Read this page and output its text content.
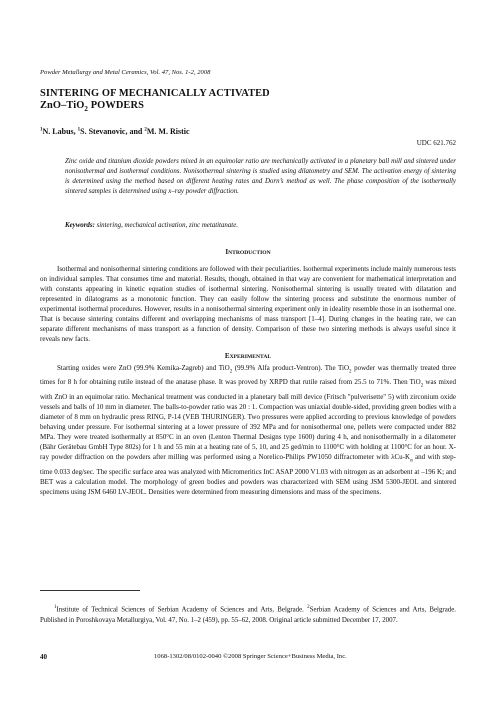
Powder Metallurgy and Metal Ceramics, Vol. 47, Nos. 1-2, 2008
SINTERING OF MECHANICALLY ACTIVATED
ZnO–TiO$_2$ POWDERS
$^1$N. Labus, $^1$S. Stevanovic, and $^2$M. M. Ristic
UDC 621.762
Zinc oxide and titanium dioxide powders mixed in an equimolar ratio are mechanically activated in a planetary ball mill and sintered under nonisothermal and isothermal conditions. Nonisothermal sintering is studied using dilatometry and SEM. The activation energy of sintering is determined using the method based on different heating rates and Dorn’s method as well. The phase composition of the isothermally sintered samples is determined using x–ray powder diffraction.
Keywords: sintering, mechanical activation, zinc metatitanate.
INTRODUCTION
Isothermal and nonisothermal sintering conditions are followed with their peculiarities. Isothermal experiments include mainly numerous tests on individual samples. That consumes time and material. Results, though, obtained in that way are convenient for mathematical interpretation and with constants appearing in kinetic equation studies of isothermal sintering. Nonisothermal sintering is usually treated with dilatation and represented in dilatograms as a monotonic function. They can easily follow the sintering process and substitute the enormous number of experimental isothermal procedures. However, results in a nonisothermal sintering experiment only in ideality resemble those in an isothermal one. That is because sintering contains different and overlapping mechanisms of mass transport [1–4]. During changes in the heating rate, we can separate different mechanisms of mass transport as a function of density. Comparison of these two sintering methods is always useful since it reveals new facts.
EXPERIMENTAL
Starting oxides were ZnO (99.9% Kemika-Zagreb) and TiO$_2$ (99.9% Alfa product-Ventron). The TiO$_2$ powder was thermally treated three times for 8 h for obtaining rutile instead of the anatase phase. It was proved by XRPD that rutile raised from 25.5 to 71%. Then TiO$_2$ was mixed with ZnO in an equimolar ratio. Mechanical treatment was conducted in a planetary ball mill device (Fritsch "pulverisette" 5) with zirconium oxide vessels and balls of 10 mm in diameter. The balls-to-powder ratio was 20 : 1. Compaction was uniaxial double-sided, providing green bodies with a diameter of 8 mm on hydraulic press RING, P-14 (VEB THURINGER). Two pressures were applied according to previous knowledge of powders behaving under pressure. For isothermal sintering at a lower pressure of 392 MPa and for nonisothermal one, pellets were compacted under 882 MPa. They were treated isothermally at 850°C in an oven (Lenton Thermal Designs type 1600) during 4 h, and nonisothermally in a dilatometer (Bähr Gerätebau GmbH Type 802s) for 1 h and 55 min at a heating rate of 5, 10, and 25 ged/min to 1100°C with holding at 1100°C for an hour. X-ray powder diffraction on the powders after milling was performed using a Norelico-Philips PW1050 diffractometer with λCu-$K_\alpha$ and with step-time 0.033 deg/sec. The specific surface area was analyzed with Micromeritics InC ASAP 2000 V1.03 with nitrogen as an adsorbent at –196 K; and BET was a calculation model. The morphology of green bodies and powders was characterized with SEM using JSM 5300-JEOL and sintered specimens using JSM 6460 LV-JEOL. Densities were determined from measuring dimensions and mass of the specimens.
$^1$Institute of Technical Sciences of Serbian Academy of Sciences and Arts, Belgrade. $^2$Serbian Academy of Sciences and Arts, Belgrade. Published in Poroshkovaya Metallurgiya, Vol. 47, No. 1–2 (459), pp. 55–62, 2008. Original article submitted December 17, 2007.
40	1068-1302/08/0102-0040 ©2008 Springer Science+Business Media, Inc.
